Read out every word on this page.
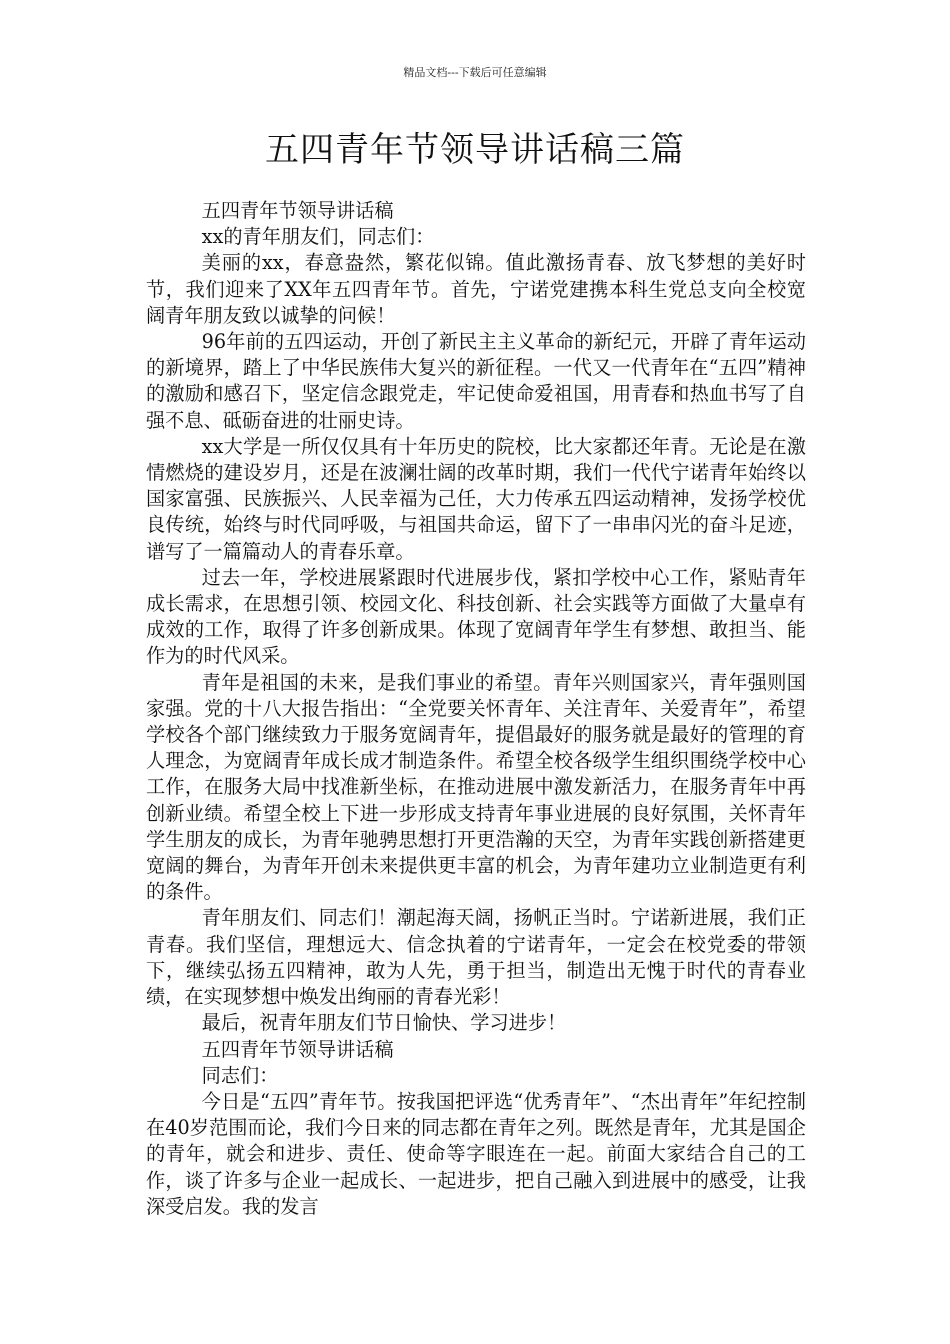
精品文档---下载后可任意编辑
五四青年节领导讲话稿三篇

五四青年节领导讲话稿

xx的青年朋友们，同志们：

美丽的xx，春意盎然，繁花似锦。值此激扬青春、放飞梦想的美好时节，我们迎来了XX年五四青年节。首先，宁诺党建携本科生党总支向全校宽阔青年朋友致以诚挚的问候！

96年前的五四运动，开创了新民主主义革命的新纪元，开辟了青年运动的新境界，踏上了中华民族伟大复兴的新征程。一代又一代青年在“五四”精神的激励和感召下，坚定信念跟党走，牢记使命爱祖国，用青春和热血书写了自强不息、砥砺奋进的壮丽史诗。

xx大学是一所仅仅具有十年历史的院校，比大家都还年青。无论是在激情燃烧的建设岁月，还是在波澜壮阔的改革时期，我们一代代宁诺青年始终以国家富强、民族振兴、人民幸福为己任，大力传承五四运动精神，发扬学校优良传统，始终与时代同呼吸，与祖国共命运，留下了一串串闪光的奋斗足迹，谱写了一篇篇动人的青春乐章。

过去一年，学校进展紧跟时代进展步伐，紧扣学校中心工作，紧贴青年成长需求，在思想引领、校园文化、科技创新、社会实践等方面做了大量卓有成效的工作，取得了许多创新成果。体现了宽阔青年学生有梦想、敢担当、能作为的时代风采。

青年是祖国的未来，是我们事业的希望。青年兴则国家兴，青年强则国家强。党的十八大报告指出：“全党要关怀青年、关注青年、关爱青年”，希望学校各个部门继续致力于服务宽阔青年，提倡最好的服务就是最好的管理的育人理念，为宽阔青年成长成才制造条件。希望全校各级学生组织围绕学校中心工作，在服务大局中找准新坐标，在推动进展中激发新活力，在服务青年中再创新业绩。希望全校上下进一步形成支持青年事业进展的良好氛围，关怀青年学生朋友的成长，为青年驰骋思想打开更浩瀚的天空，为青年实践创新搭建更宽阔的舞台，为青年开创未来提供更丰富的机会，为青年建功立业制造更有利的条件。

青年朋友们、同志们！潮起海天阔，扬帆正当时。宁诺新进展，我们正青春。我们坚信，理想远大、信念执着的宁诺青年，一定会在校党委的带领下，继续弘扬五四精神，敢为人先，勇于担当，制造出无愧于时代的青春业绩，在实现梦想中焕发出绚丽的青春光彩！

最后，祝青年朋友们节日愉快、学习进步！

五四青年节领导讲话稿

同志们：

今日是“五四”青年节。按我国把评选“优秀青年”、“杰出青年”年纪控制在40岁范围而论，我们今日来的同志都在青年之列。既然是青年，尤其是国企的青年，就会和进步、责任、使命等字眼连在一起。前面大家结合自己的工作，谈了许多与企业一起成长、一起进步，把自己融入到进展中的感受，让我深受启发。我的发言
